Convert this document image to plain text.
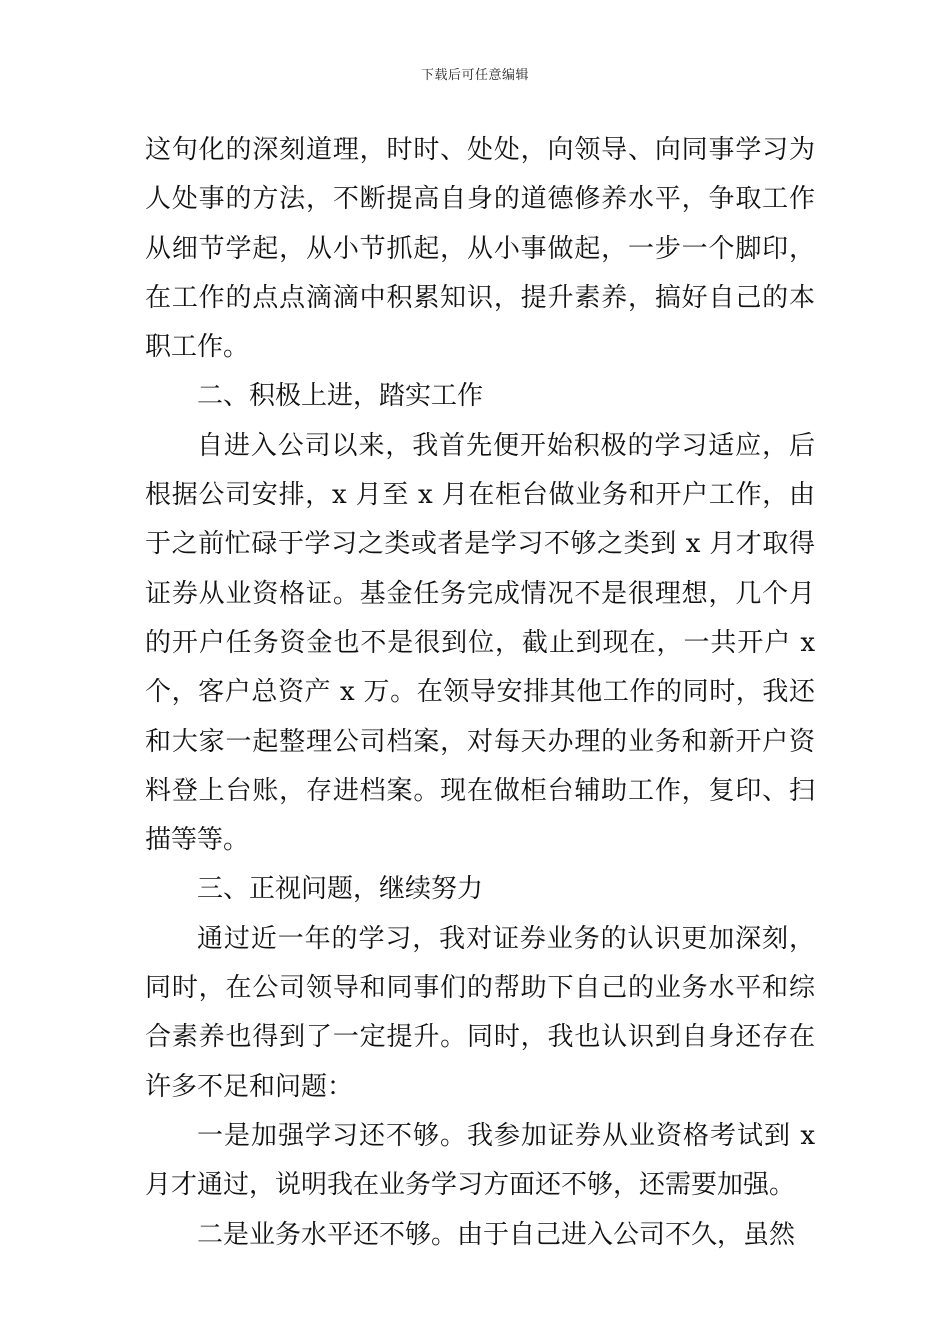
下载后可任意编辑

这句化的深刻道理，时时、处处，向领导、向同事学习为人处事的方法，不断提高自身的道德修养水平，争取工作从细节学起，从小节抓起，从小事做起，一步一个脚印，在工作的点点滴滴中积累知识，提升素养，搞好自己的本职工作。

二、积极上进，踏实工作

自进入公司以来，我首先便开始积极的学习适应，后根据公司安排，x 月至 x 月在柜台做业务和开户工作，由于之前忙碌于学习之类或者是学习不够之类到 x 月才取得证券从业资格证。基金任务完成情况不是很理想，几个月的开户任务资金也不是很到位，截止到现在，一共开户 x 个，客户总资产 x 万。在领导安排其他工作的同时，我还和大家一起整理公司档案，对每天办理的业务和新开户资料登上台账，存进档案。现在做柜台辅助工作，复印、扫描等等。

三、正视问题，继续努力

通过近一年的学习，我对证券业务的认识更加深刻，同时，在公司领导和同事们的帮助下自己的业务水平和综合素养也得到了一定提升。同时，我也认识到自身还存在许多不足和问题：

一是加强学习还不够。我参加证券从业资格考试到 x 月才通过，说明我在业务学习方面还不够，还需要加强。

二是业务水平还不够。由于自己进入公司不久，虽然
